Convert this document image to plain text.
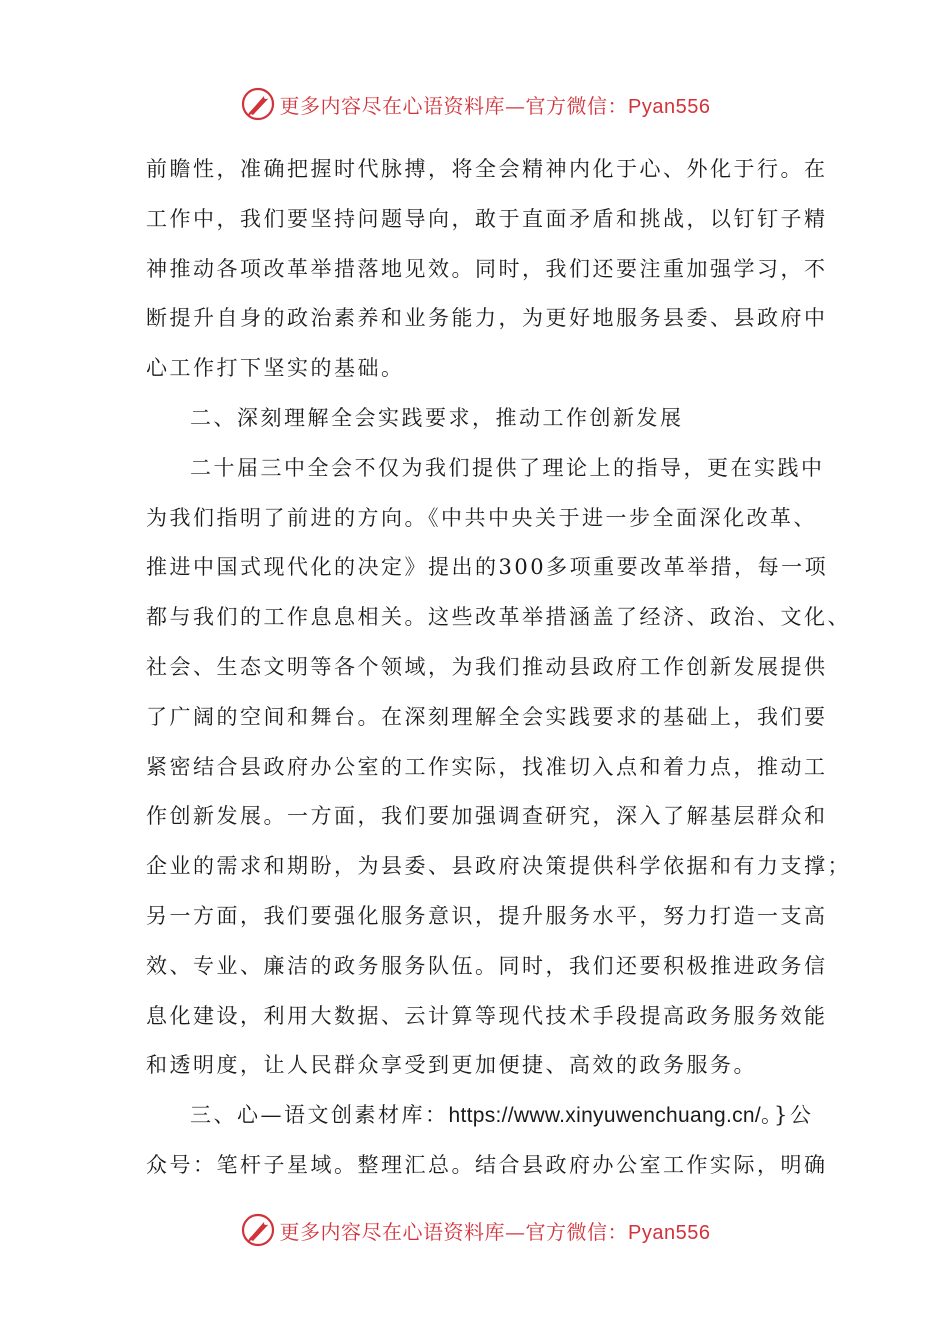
更多内容尽在心语资料库—官方微信：Pyan556
前瞻性，准确把握时代脉搏，将全会精神内化于心、外化于行。在
工作中，我们要坚持问题导向，敢于直面矛盾和挑战，以钉钉子精
神推动各项改革举措落地见效。同时，我们还要注重加强学习，不
断提升自身的政治素养和业务能力，为更好地服务县委、县政府中
心工作打下坚实的基础。
二、深刻理解全会实践要求，推动工作创新发展
二十届三中全会不仅为我们提供了理论上的指导，更在实践中
为我们指明了前进的方向。《中共中央关于进一步全面深化改革、
推进中国式现代化的决定》提出的300多项重要改革举措，每一项
都与我们的工作息息相关。这些改革举措涵盖了经济、政治、文化、
社会、生态文明等各个领域，为我们推动县政府工作创新发展提供
了广阔的空间和舞台。在深刻理解全会实践要求的基础上，我们要
紧密结合县政府办公室的工作实际，找准切入点和着力点，推动工
作创新发展。一方面，我们要加强调查研究，深入了解基层群众和
企业的需求和期盼，为县委、县政府决策提供科学依据和有力支撑；
另一方面，我们要强化服务意识，提升服务水平，努力打造一支高
效、专业、廉洁的政务服务队伍。同时，我们还要积极推进政务信
息化建设，利用大数据、云计算等现代技术手段提高政务服务效能
和透明度，让人民群众享受到更加便捷、高效的政务服务。
三、心—语文创素材库：https://www.xinyuwenchuang.cn/。}公
众号：笔杆子星域。整理汇总。结合县政府办公室工作实际，明确
更多内容尽在心语资料库—官方微信：Pyan556
